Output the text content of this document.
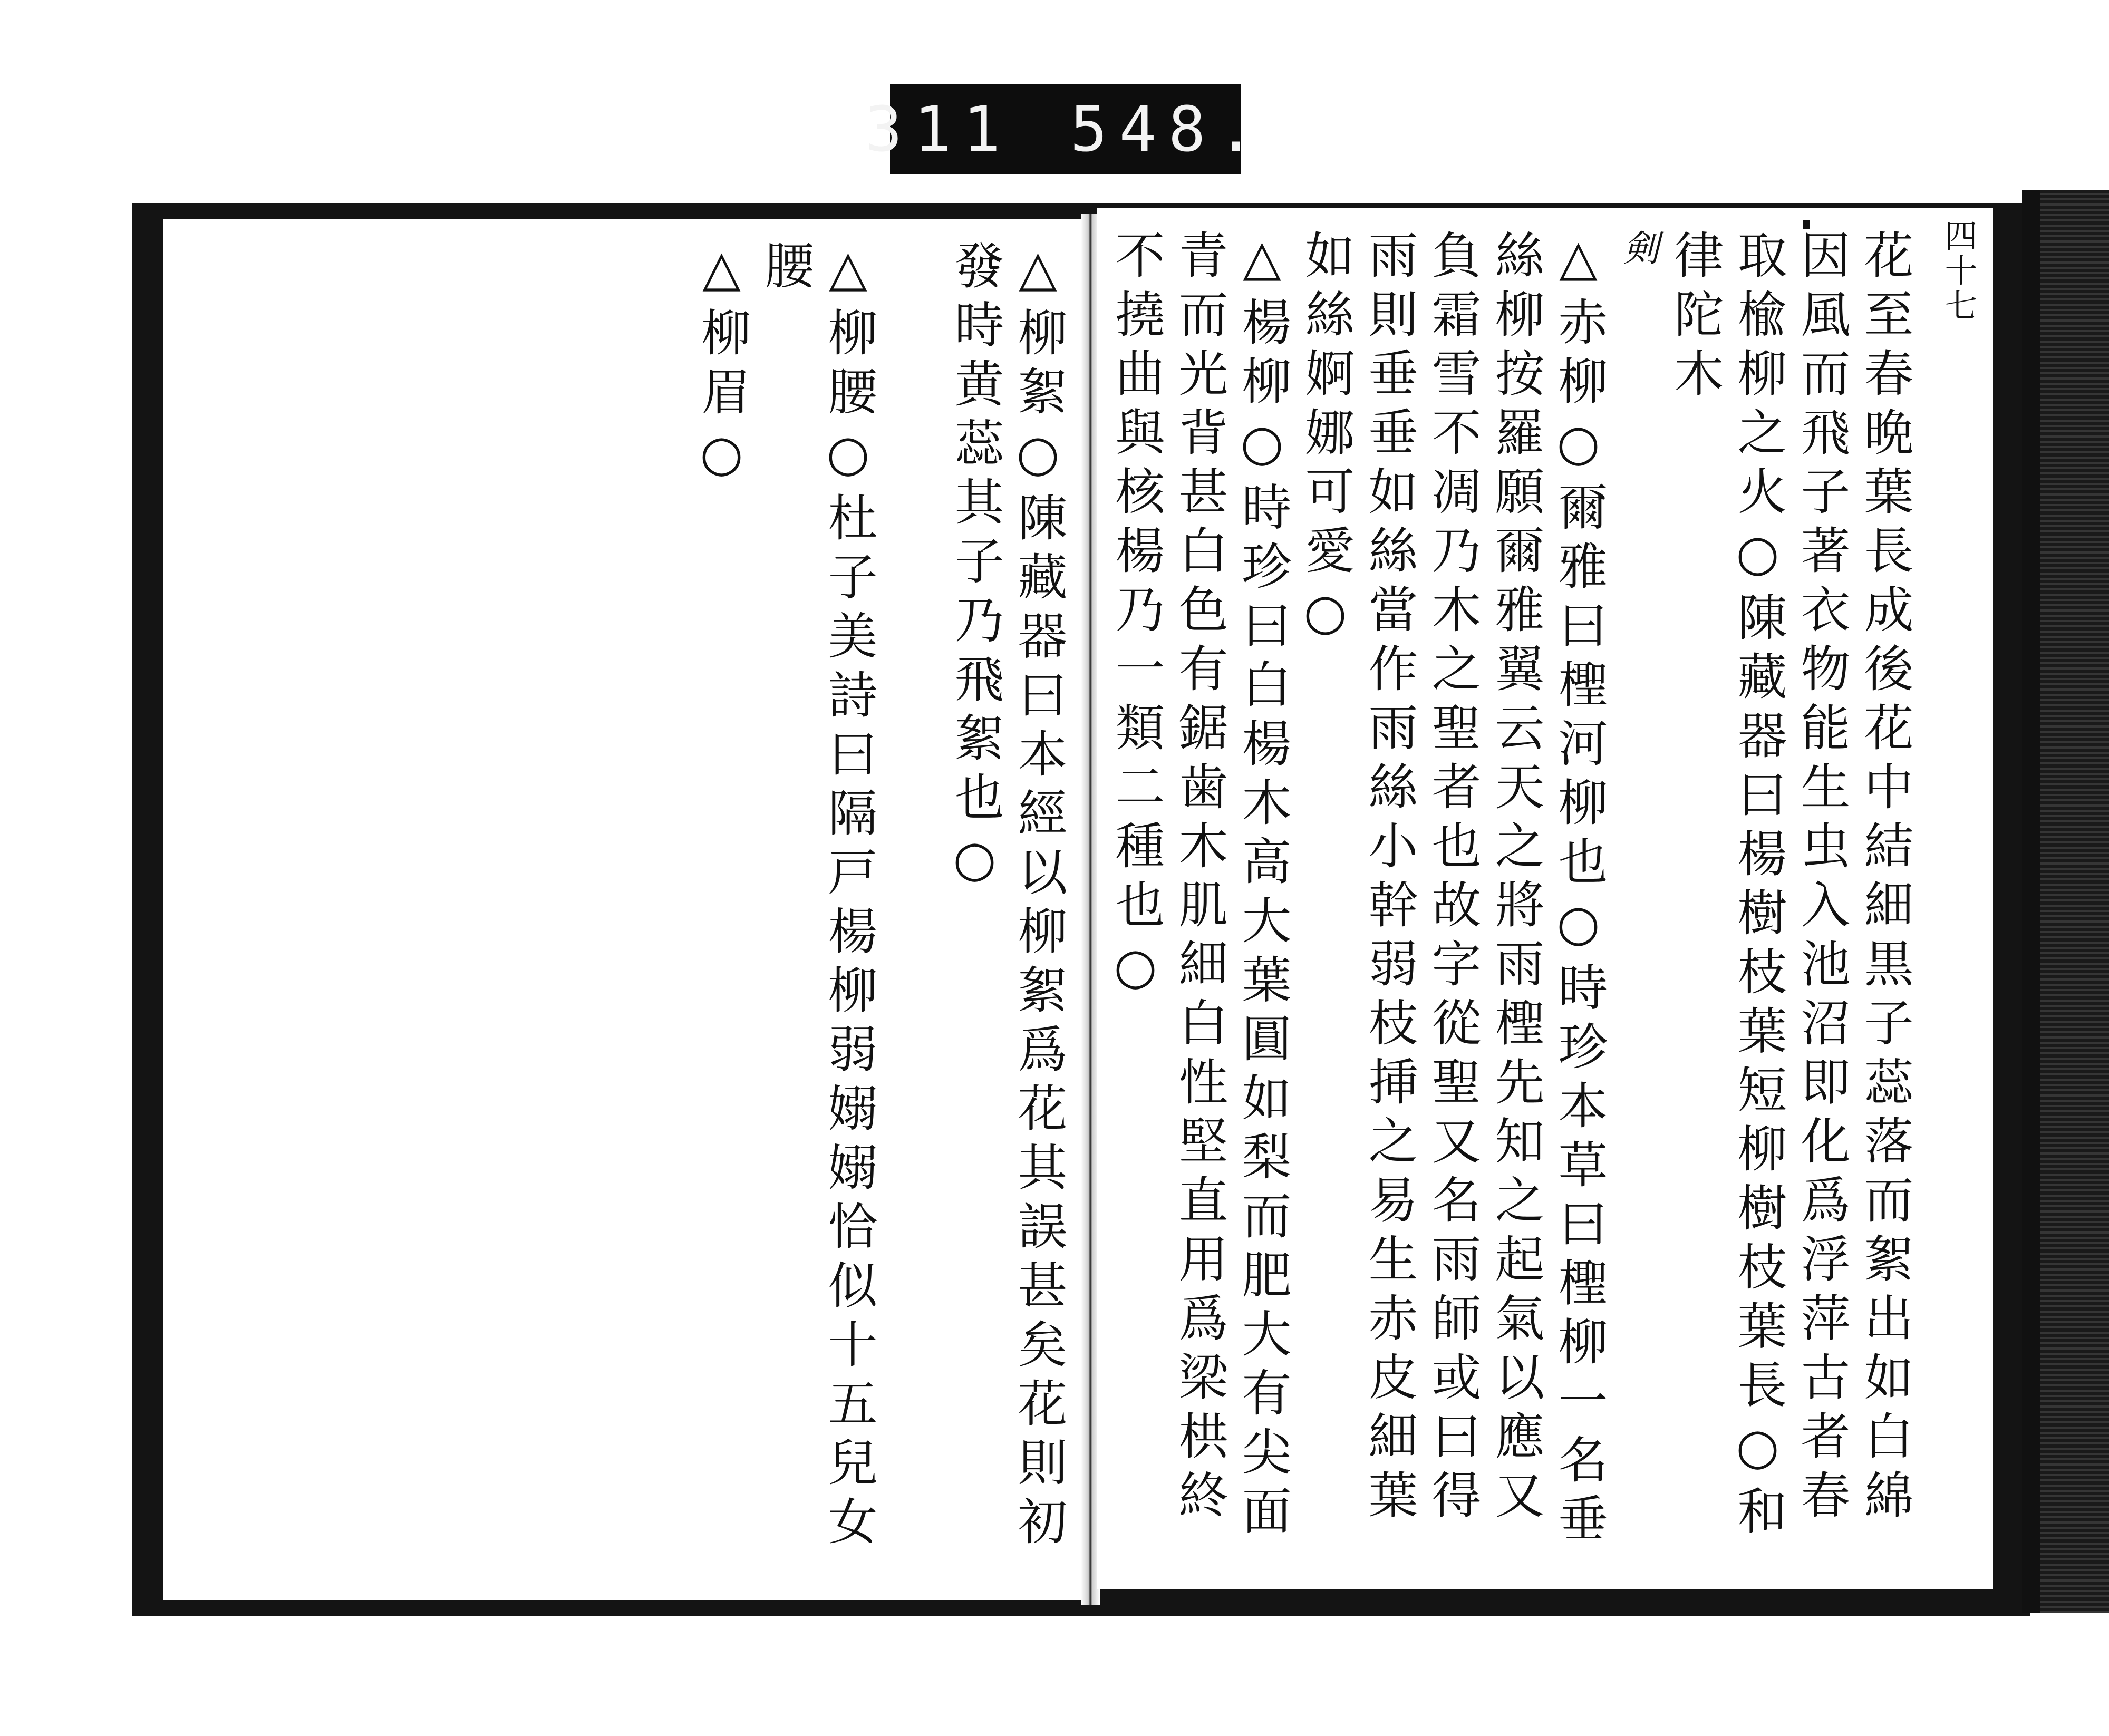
311 548.
△柳絮○陳藏器曰本經以柳絮爲花其誤甚矣花則初
發時黄蕊其子乃飛絮也○
△柳腰○杜子美詩曰隔戸楊柳弱嫋嫋恰似十五兒女
腰
△柳眉○	四十七
花至春晩葉長成後花中結細黒子蕊落而絮出如白綿
因風而飛子著衣物能生虫入池沼即化爲浮萍古者春
取楡柳之火○陳藏器曰楊樹枝葉短柳樹枝葉長○和
律陀木
剣
△赤柳○爾雅曰檉河柳也○時珍本草曰檉柳一名垂
絲柳按羅願爾雅翼云天之將雨檉先知之起氣以應又
負霜雪不凋乃木之聖者也故字從聖又名雨師或曰得
雨則垂垂如絲當作雨絲小幹弱枝挿之易生赤皮細葉
如絲婀娜可愛○
△楊柳○時珍曰白楊木高大葉圓如梨而肥大有尖面
青而光背甚白色有鋸歯木肌細白性堅直用爲梁栱終
不撓曲與核楊乃一類二種也○
